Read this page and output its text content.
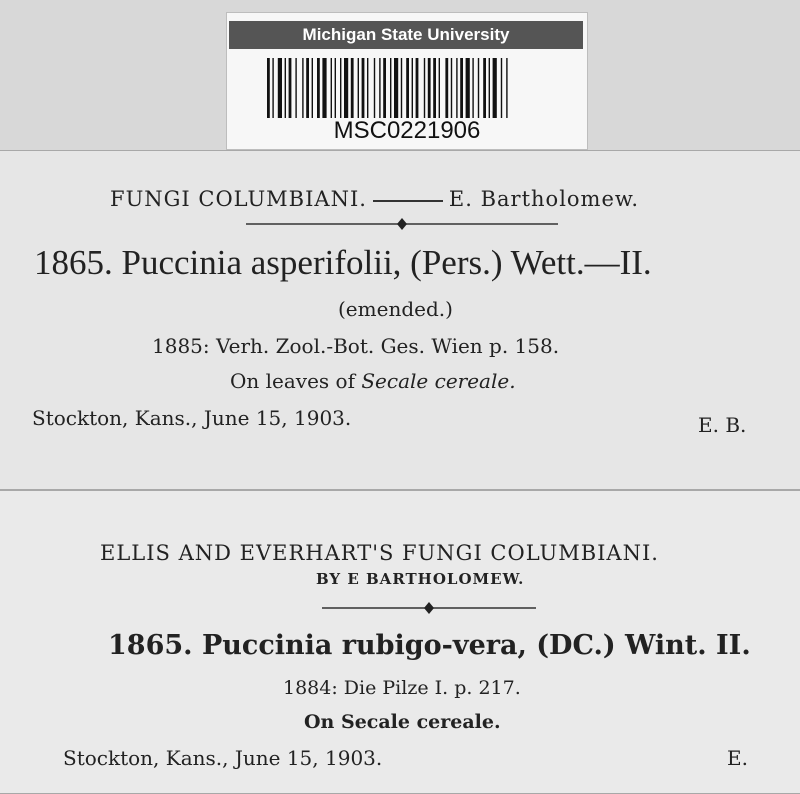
Michigan State University
MSC0221906
FUNGI COLUMBIANI.	E. Bartholomew.
1865. Puccinia asperifolii, (Pers.) Wett.—II.
(emended.)
1885: Verh. Zool.-Bot. Ges. Wien p. 158.
On leaves of Secale cereale.
Stockton, Kans., June 15, 1903.	E. B.
ELLIS AND EVERHART'S FUNGI COLUMBIANI.
BY E BARTHOLOMEW.
1865. Puccinia rubigo-vera, (DC.) Wint. II.
1884: Die Pilze I. p. 217.
On Secale cereale.
Stockton, Kans., June 15, 1903.	E.
